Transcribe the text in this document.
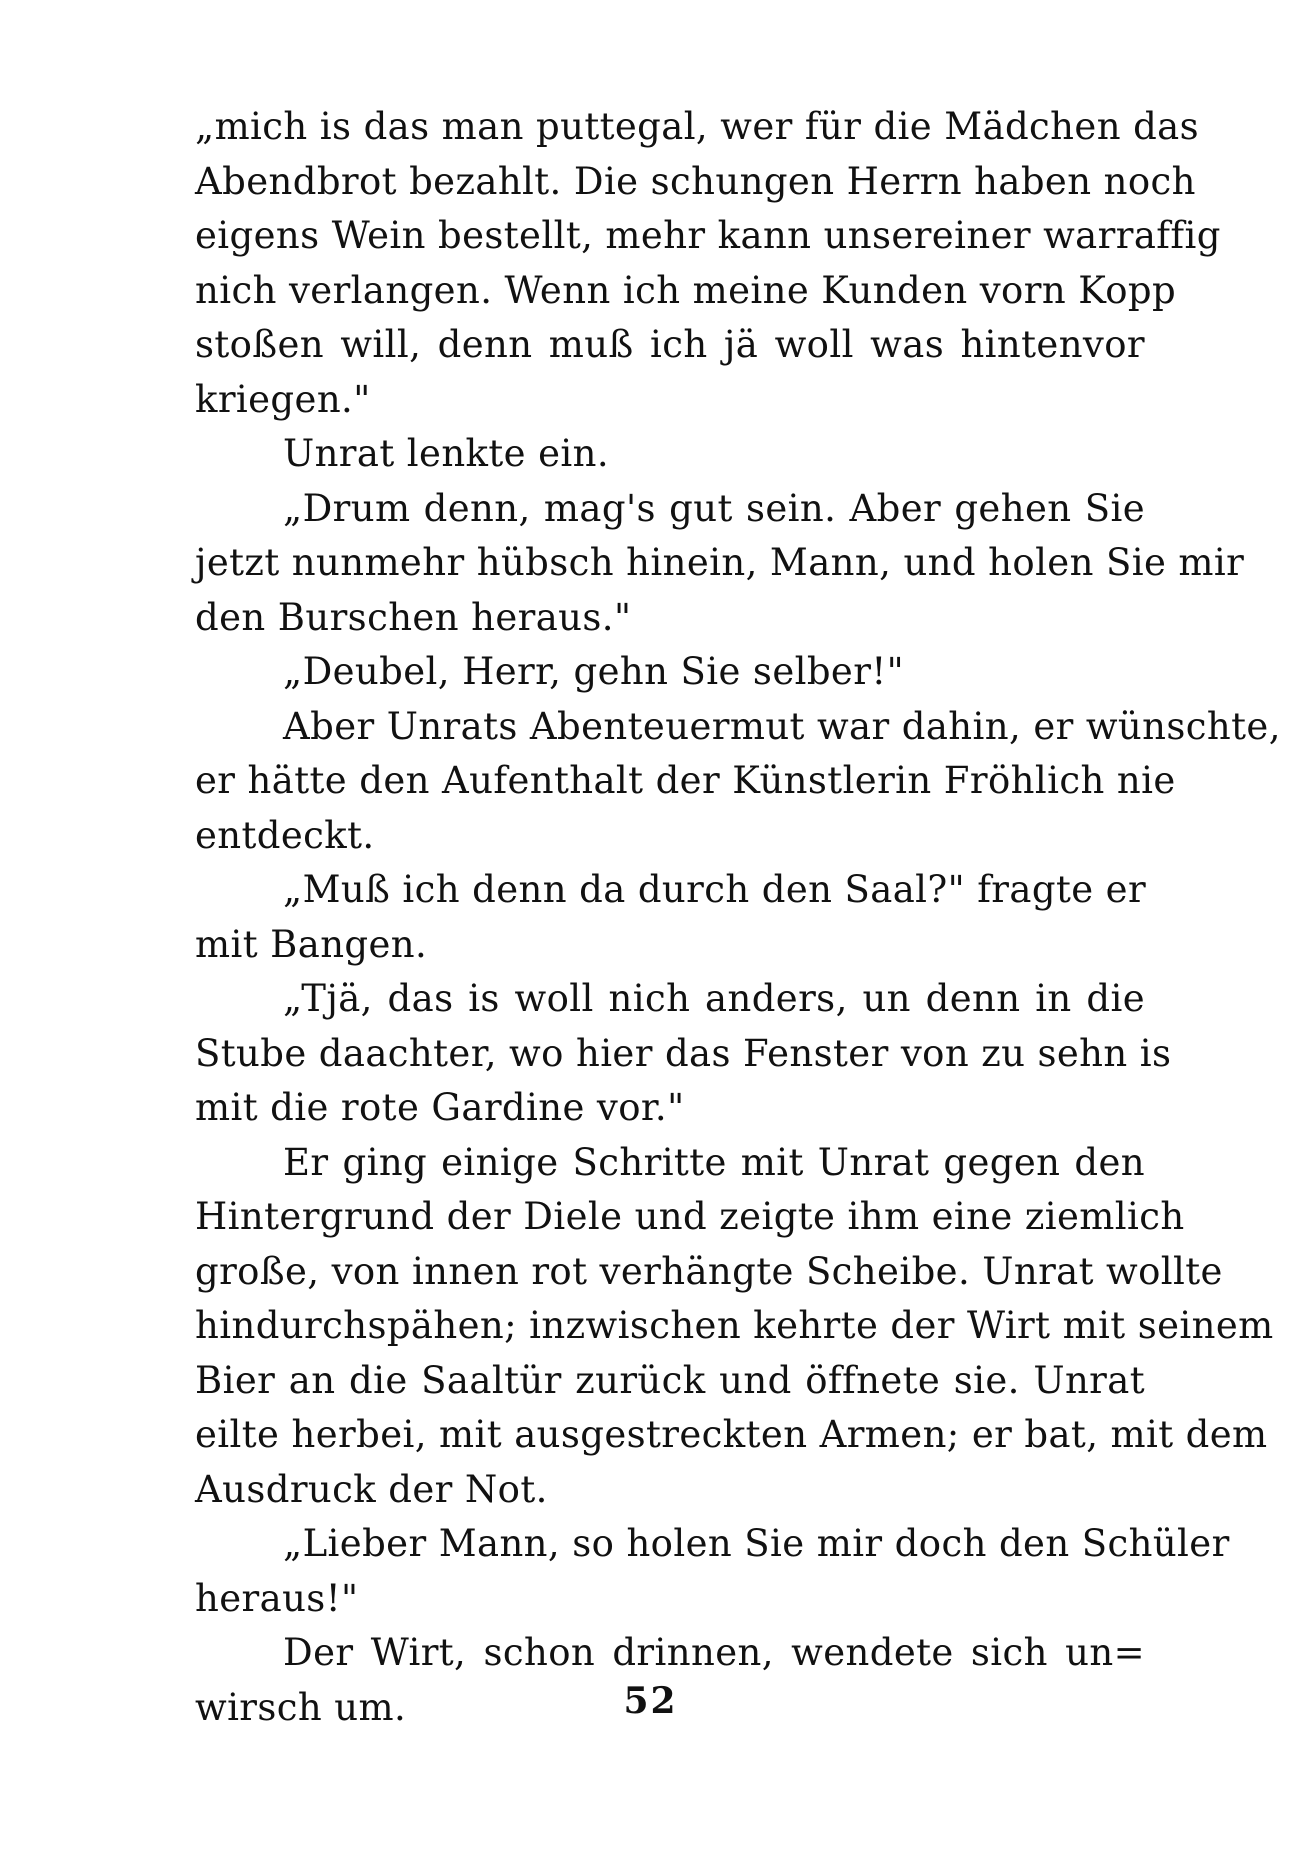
„mich is das man puttegal, wer für die Mädchen das
Abendbrot bezahlt. Die schungen Herrn haben noch
eigens Wein bestellt, mehr kann unsereiner warraffig
nich verlangen. Wenn ich meine Kunden vorn Kopp
stoßen will, denn muß ich jä woll was hintenvor
kriegen."
Unrat lenkte ein.
„Drum denn, mag's gut sein. Aber gehen Sie
jetzt nunmehr hübsch hinein, Mann, und holen Sie mir
den Burschen heraus."
„Deubel, Herr, gehn Sie selber!"
Aber Unrats Abenteuermut war dahin, er wünschte,
er hätte den Aufenthalt der Künstlerin Fröhlich nie
entdeckt.
„Muß ich denn da durch den Saal?" fragte er
mit Bangen.
„Tjä, das is woll nich anders, un denn in die
Stube daachter, wo hier das Fenster von zu sehn is
mit die rote Gardine vor."
Er ging einige Schritte mit Unrat gegen den
Hintergrund der Diele und zeigte ihm eine ziemlich
große, von innen rot verhängte Scheibe. Unrat wollte
hindurchspähen; inzwischen kehrte der Wirt mit seinem
Bier an die Saaltür zurück und öffnete sie. Unrat
eilte herbei, mit ausgestreckten Armen; er bat, mit dem
Ausdruck der Not.
„Lieber Mann, so holen Sie mir doch den Schüler
heraus!"
Der Wirt, schon drinnen, wendete sich un=
wirsch um.	52
